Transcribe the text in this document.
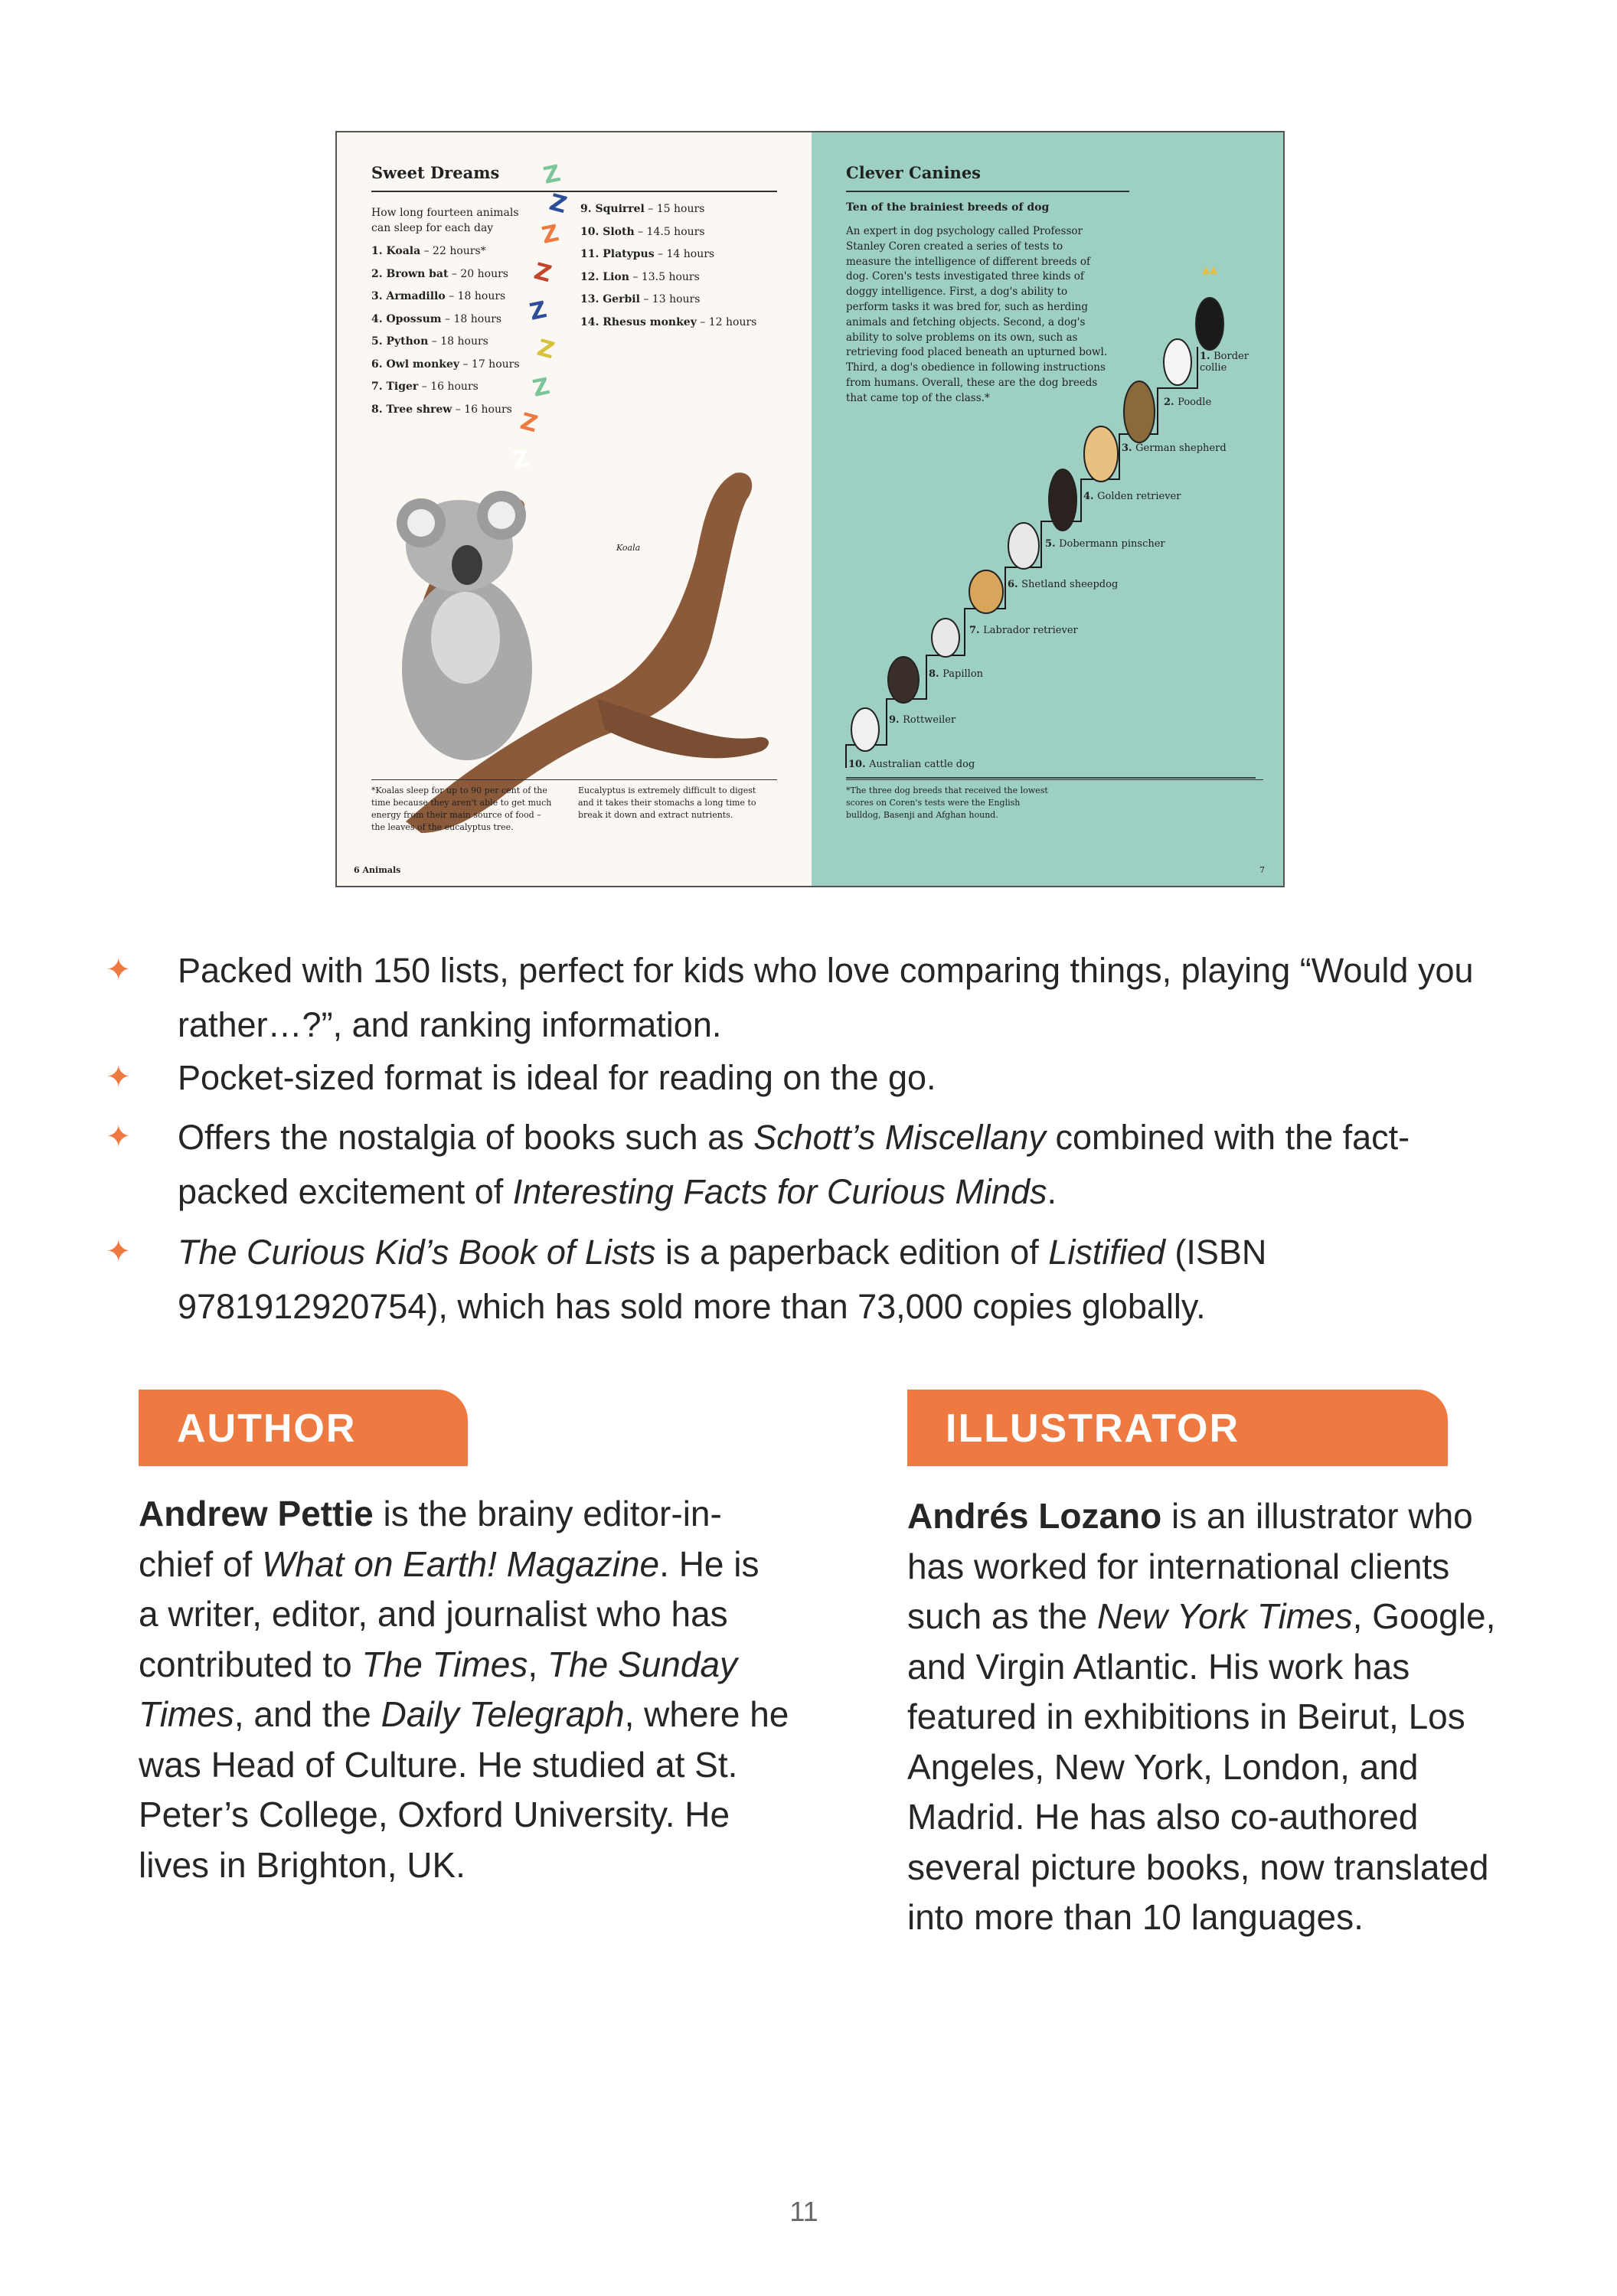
Sweet Dreams
How long fourteen animals can sleep for each day
1. Koala – 22 hours*
2. Brown bat – 20 hours
3. Armadillo – 18 hours
4. Opossum – 18 hours
5. Python – 18 hours
6. Owl monkey – 17 hours
7. Tiger – 16 hours
8. Tree shrew – 16 hours
9. Squirrel – 15 hours
10. Sloth – 14.5 hours
11. Platypus – 14 hours
12. Lion – 13.5 hours
13. Gerbil – 13 hours
14. Rhesus monkey – 12 hours
Z
Z
Z
Z
Z
Z
Z
Z
Z
Koala
*Koalas sleep for up to 90 per cent of the time because they aren't able to get much energy from their main source of food – the leaves of the eucalyptus tree.
Eucalyptus is extremely difficult to digest and it takes their stomachs a long time to break it down and extract nutrients.
6 Animals
Clever Canines
Ten of the brainiest breeds of dog
An expert in dog psychology called Professor Stanley Coren created a series of tests to measure the intelligence of different breeds of dog. Coren's tests investigated three kinds of doggy intelligence. First, a dog's ability to perform tasks it was bred for, such as herding animals and fetching objects. Second, a dog's ability to solve problems on its own, such as retrieving food placed beneath an upturned bowl. Third, a dog's obedience in following instructions from humans. Overall, these are the dog breeds that came top of the class.*
1. Border collie
2. Poodle
3. German shepherd
4. Golden retriever
5. Dobermann pinscher
6. Shetland sheepdog
7. Labrador retriever
8. Papillon
9. Rottweiler
10. Australian cattle dog
*The three dog breeds that received the lowest scores on Coren's tests were the English bulldog, Basenji and Afghan hound.
7
✦ Packed with 150 lists, perfect for kids who love comparing things, playing “Would you rather…?”, and ranking information.
✦ Pocket-sized format is ideal for reading on the go.
✦ Offers the nostalgia of books such as Schott’s Miscellany combined with the fact-packed excitement of Interesting Facts for Curious Minds.
✦ The Curious Kid’s Book of Lists is a paperback edition of Listified (ISBN 9781912920754), which has sold more than 73,000 copies globally.
AUTHOR
Andrew Pettie is the brainy editor-in-
chief of What on Earth! Magazine. He is
a writer, editor, and journalist who has
contributed to The Times, The Sunday
Times, and the Daily Telegraph, where he
was Head of Culture. He studied at St.
Peter’s College, Oxford University. He
lives in Brighton, UK.
ILLUSTRATOR
Andrés Lozano is an illustrator who
has worked for international clients
such as the New York Times, Google,
and Virgin Atlantic. His work has
featured in exhibitions in Beirut, Los
Angeles, New York, London, and
Madrid. He has also co-authored
several picture books, now translated
into more than 10 languages.
11
